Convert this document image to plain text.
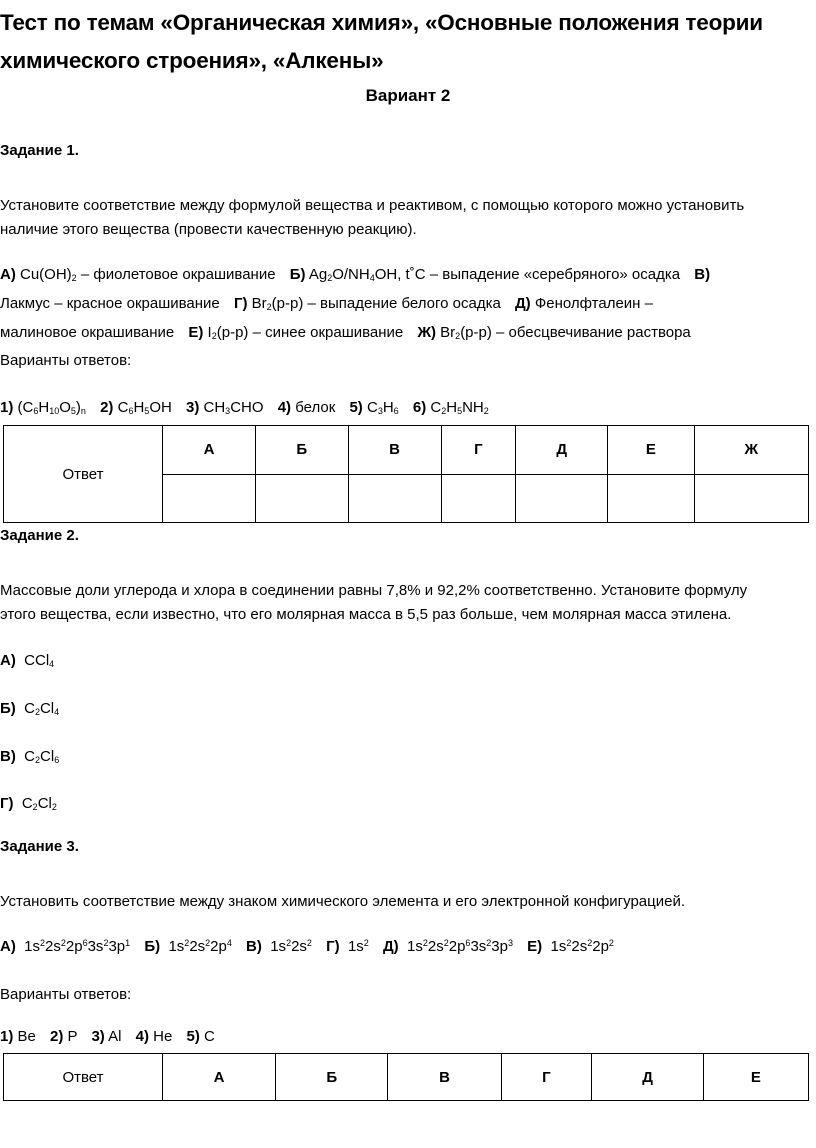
Тест по темам «Органическая химия», «Основные положения теории химического строения», «Алкены»
Вариант 2
Задание 1.
Установите соответствие между формулой вещества и реактивом, с помощью которого можно установить
наличие этого вещества (провести качественную реакцию).
А) $Cu(OH)_2$ – фиолетовое окрашивание Б) $Ag_2O/NH_4OH$, t˚C – выпадение «серебряного» осадка В)
Лакмус – красное окрашивание Г) $Br_2(р-р)$ – выпадение белого осадка Д) Фенолфталеин –
малиновое окрашивание Е) $I_2(р-р)$ – синее окрашивание Ж) $Br_2(р-р)$ – обесцвечивание раствора
Варианты ответов:
1) $(C_6H_{10}O_5)_n$ 2) $C_6H_5OH$ 3) $CH_3CHO$ 4) белок 5) $C_3H_6$ 6) $C_2H_5NH_2$
Ответ	А	Б	В	Г	Д	Е	Ж

Задание 2.
Массовые доли углерода и хлора в соединении равны 7,8% и 92,2% соответственно. Установите формулу
этого вещества, если известно, что его молярная масса в 5,5 раз больше, чем молярная масса этилена.
А)  CCl$_4$
Б)  $C_2Cl_4$
В)  $C_2Cl_6$
Г)  $C_2Cl_2$
Задание 3.
Установить соответствие между знаком химического элемента и его электронной конфигурацией.
А)  $1s^22s^22p^63s^23p^1$ Б)  $1s^22s^22p^4$ В)  $1s^22s^2$ Г)  $1s^2$ Д)  $1s^22s^22p^63s^23p^3$ Е)  $1s^22s^22p^2$
Варианты ответов:
1) Be 2) P 3) Al 4) He 5) C
Ответ	А	Б	В	Г	Д	Е
